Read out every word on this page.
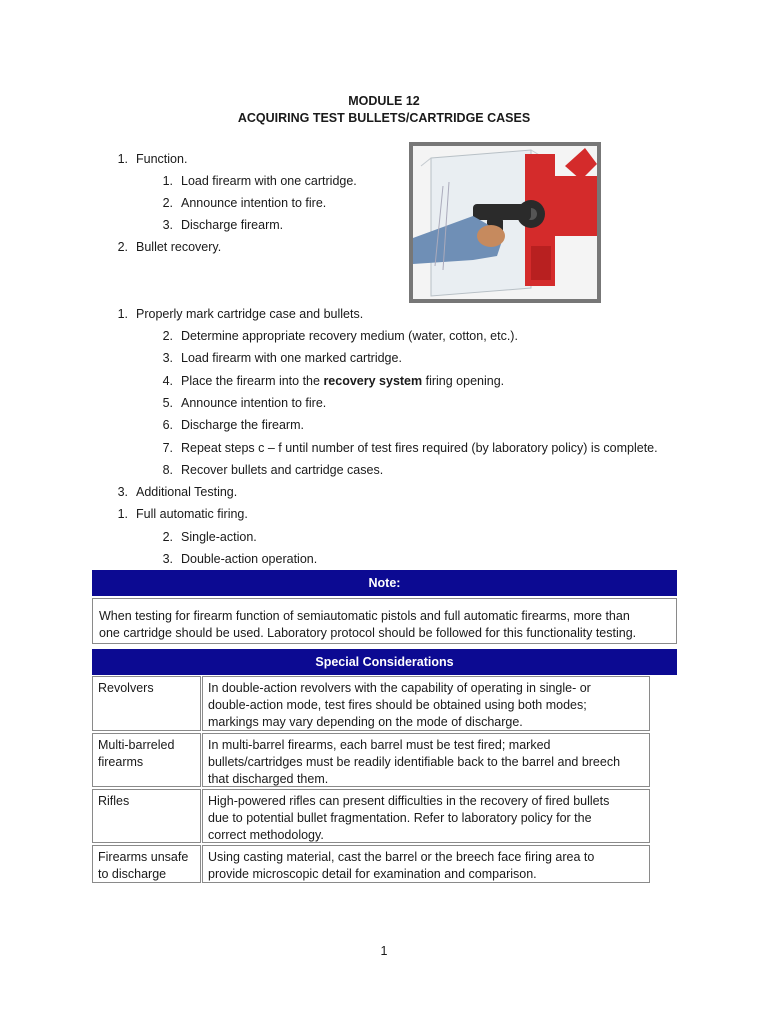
MODULE 12
ACQUIRING TEST BULLETS/CARTRIDGE CASES
1. Function.
1. Load firearm with one cartridge.
2. Announce intention to fire.
3. Discharge firearm.
2. Bullet recovery.
1. Properly mark cartridge case and bullets.
2. Determine appropriate recovery medium (water, cotton, etc.).
3. Load firearm with one marked cartridge.
4. Place the firearm into the recovery system firing opening.
5. Announce intention to fire.
6. Discharge the firearm.
7. Repeat steps c – f until number of test fires required (by laboratory policy) is complete.
8. Recover bullets and cartridge cases.
3. Additional Testing.
1. Full automatic firing.
2. Single-action.
3. Double-action operation.
Note:
When testing for firearm function of semiautomatic pistols and full automatic firearms, more than
one cartridge should be used. Laboratory protocol should be followed for this functionality testing.
Special Considerations
Revolvers	In double-action revolvers with the capability of operating in single- or
double-action mode, test fires should be obtained using both modes;
markings may vary depending on the mode of discharge.
Multi-barreled
firearms
In multi-barrel firearms, each barrel must be test fired; marked
bullets/cartridges must be readily identifiable back to the barrel and breech
that discharged them.
Rifles	High-powered rifles can present difficulties in the recovery of fired bullets
due to potential bullet fragmentation. Refer to laboratory policy for the
correct methodology.
Firearms unsafe
to discharge
Using casting material, cast the barrel or the breech face firing area to
provide microscopic detail for examination and comparison.
1
